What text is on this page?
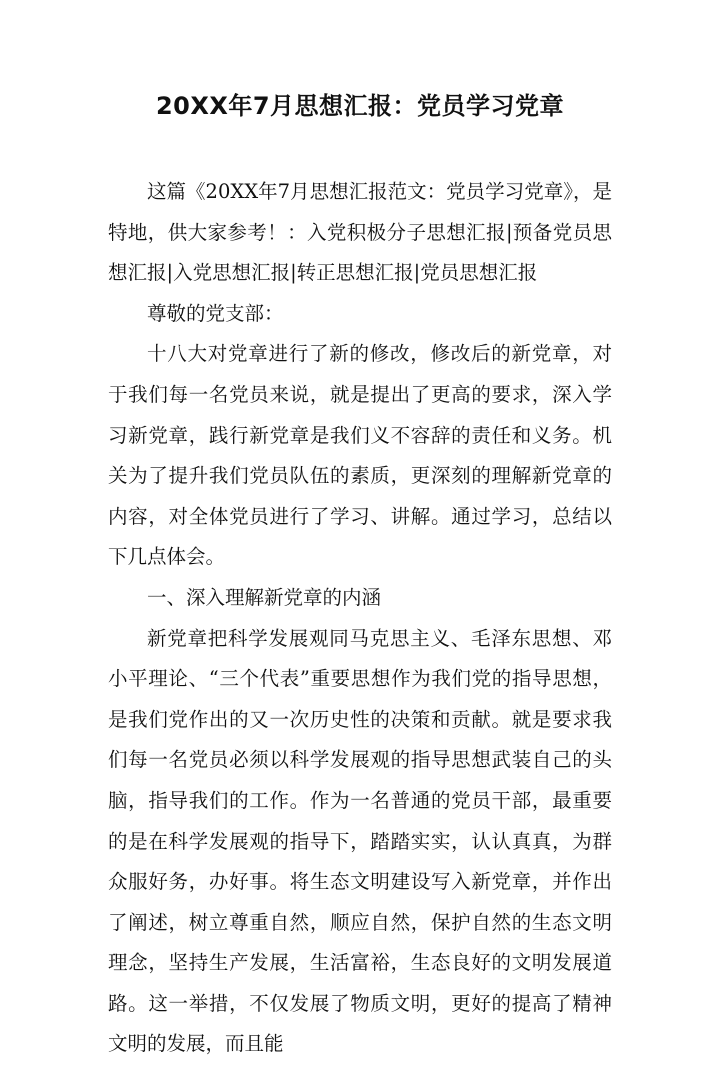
20XX年7月思想汇报：党员学习党章

这篇《20XX年7月思想汇报范文：党员学习党章》，是特地，供大家参考！：入党积极分子思想汇报|预备党员思想汇报|入党思想汇报|转正思想汇报|党员思想汇报

尊敬的党支部：

十八大对党章进行了新的修改，修改后的新党章，对于我们每一名党员来说，就是提出了更高的要求，深入学习新党章，践行新党章是我们义不容辞的责任和义务。机关为了提升我们党员队伍的素质，更深刻的理解新党章的内容，对全体党员进行了学习、讲解。通过学习，总结以下几点体会。

一、深入理解新党章的内涵

新党章把科学发展观同马克思主义、毛泽东思想、邓小平理论、“三个代表”重要思想作为我们党的指导思想，是我们党作出的又一次历史性的决策和贡献。就是要求我们每一名党员必须以科学发展观的指导思想武装自己的头脑，指导我们的工作。作为一名普通的党员干部，最重要的是在科学发展观的指导下，踏踏实实，认认真真，为群众服好务，办好事。将生态文明建设写入新党章，并作出了阐述，树立尊重自然，顺应自然，保护自然的生态文明理念，坚持生产发展，生活富裕，生态良好的文明发展道路。这一举措，不仅发展了物质文明，更好的提高了精神文明的发展，而且能
